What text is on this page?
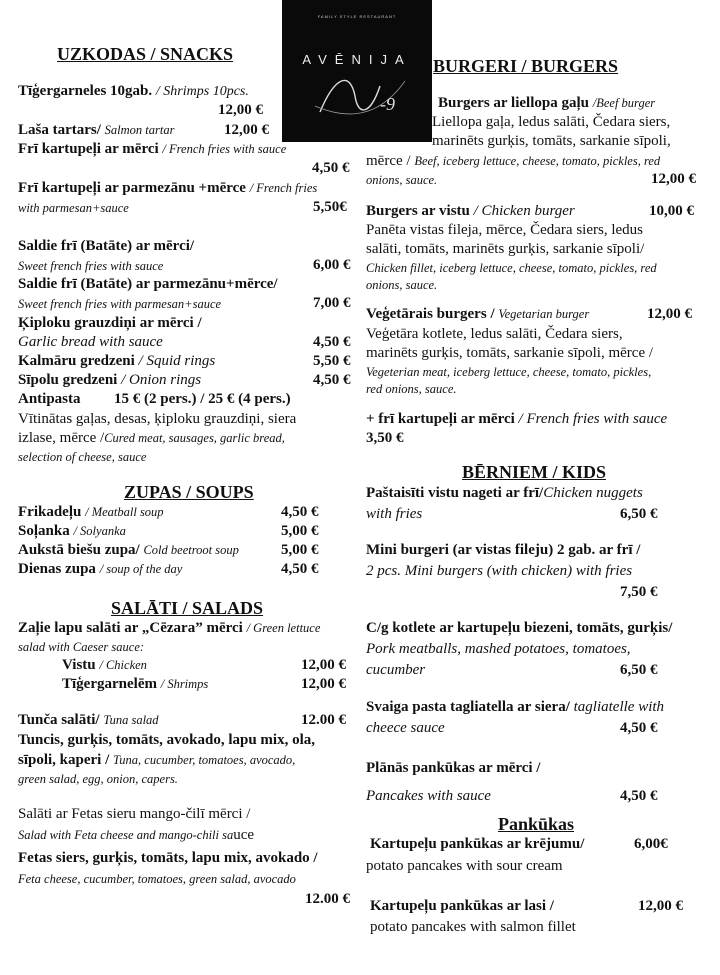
FAMILY STYLE RESTAURANT
AVĒNIJA
-9
UZKODAS / SNACKS
Tīģergarneles 10gab. / Shrimps 10pcs.
12,00 €
Laša tartars/ Salmon tartar	12,00 €
Frī kartupeļi ar mērci / French fries with sauce
4,50 €
Frī kartupeļi ar parmezānu +mērce / French fries
with parmesan+sauce	5,50€
Saldie frī (Batāte) ar mērci/
Sweet french fries with sauce	6,00 €
Saldie frī (Batāte) ar parmezānu+mērce/
Sweet french fries with parmesan+sauce	7,00 €
Ķiploku grauzdiņi ar mērci /
Garlic bread with sauce	4,50 €
Kalmāru gredzeni / Squid rings	5,50 €
Sīpolu gredzeni / Onion rings	4,50 €
Antipasta 15 € (2 pers.) / 25 € (4 pers.)
Vītinātas gaļas, desas, ķiploku grauzdiņi, siera
izlase, mērce /Cured meat, sausages, garlic bread,
selection of cheese, sauce
ZUPAS / SOUPS
Frikadeļu / Meatball soup	4,50 €
Soļanka / Solyanka	5,00 €
Aukstā biešu zupa/ Cold beetroot soup	5,00 €
Dienas zupa / soup of the day	4,50 €
SALĀTI / SALADS
Zaļie lapu salāti ar „Cēzara” mērci / Green lettuce
salad with Caeser sauce:
Vistu / Chicken	12,00 €
Tīģergarnelēm / Shrimps	12,00 €
Tunča salāti/ Tuna salad	12.00 €
Tuncis, gurķis, tomāts, avokado, lapu mix, ola,
sīpoli, kaperi / Tuna, cucumber, tomatoes, avocado,
green salad, egg, onion, capers.
Salāti ar Fetas sieru mango-čilī mērci /
Salad with Feta cheese and mango-chili sauce
Fetas siers, gurķis, tomāts, lapu mix, avokado /
Feta cheese, cucumber, tomatoes, green salad, avocado
12.00 €
BURGERI / BURGERS
Burgers ar liellopa gaļu /Beef burger
Liellopa gaļa, ledus salāti, Čedara siers,
marinēts gurķis, tomāts, sarkanie sīpoli,
mērce / Beef, iceberg lettuce, cheese, tomato, pickles, red
onions, sauce.	12,00 €
Burgers ar vistu / Chicken burger	10,00 €
Panēta vistas fileja, mērce, Čedara siers, ledus
salāti, tomāts, marinēts gurķis, sarkanie sīpoli/
Chicken fillet, iceberg lettuce, cheese, tomato, pickles, red
onions, sauce.
Veģetārais burgers / Vegetarian burger	12,00 €
Veģetāra kotlete, ledus salāti, Čedara siers,
marinēts gurķis, tomāts, sarkanie sīpoli, mērce /
Vegeterian meat, iceberg lettuce, cheese, tomato, pickles,
red onions, sauce.
+ frī kartupeļi ar mērci / French fries with sauce
3,50 €
BĒRNIEM / KIDS
Paštaisīti vistu nageti ar frī/Chicken nuggets
with fries	6,50 €
Mini burgeri (ar vistas fileju) 2 gab. ar frī /
2 pcs. Mini burgers (with chicken) with fries
7,50 €
C/g kotlete ar kartupeļu biezeni, tomāts, gurķis/
Pork meatballs, mashed potatoes, tomatoes,
cucumber	6,50 €
Svaiga pasta tagliatella ar siera/ tagliatelle with
cheece sauce	4,50 €
Plānās pankūkas ar mērci /
Pancakes with sauce	4,50 €
Pankūkas
Kartupeļu pankūkas ar krējumu/	6,00€
potato pancakes with sour cream
Kartupeļu pankūkas ar lasi /	12,00 €
potato pancakes with salmon fillet
